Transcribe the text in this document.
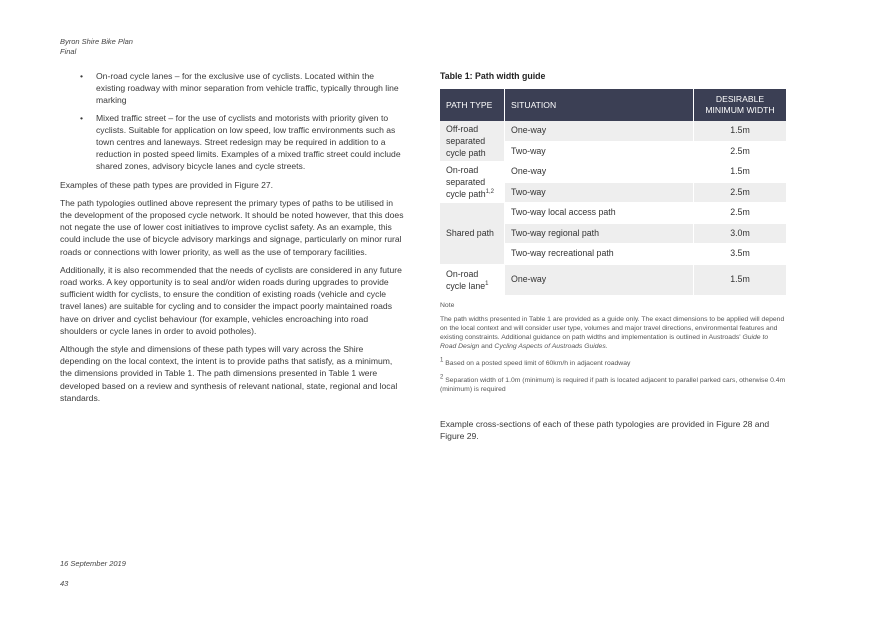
Byron Shire Bike Plan
Final
• On-road cycle lanes – for the exclusive use of cyclists. Located within the existing roadway with minor separation from vehicle traffic, typically through line marking
• Mixed traffic street – for the use of cyclists and motorists with priority given to cyclists. Suitable for application on low speed, low traffic environments such as town centres and laneways. Street redesign may be required in addition to a reduction in posted speed limits. Examples of a mixed traffic street could include shared zones, advisory bicycle lanes and cycle streets.

Examples of these path types are provided in Figure 27.

The path typologies outlined above represent the primary types of paths to be utilised in the development of the proposed cycle network. It should be noted however, that this does not negate the use of lower cost initiatives to improve cyclist safety. As an example, this could include the use of bicycle advisory markings and signage, particularly on minor rural roads or connections with lower priority, as well as the use of temporary facilities.

Additionally, it is also recommended that the needs of cyclists are considered in any future road works. A key opportunity is to seal and/or widen roads during upgrades to provide sufficient width for cyclists, to ensure the condition of existing roads (vehicle and cycle travel lanes) are suitable for cycling and to consider the impact poorly maintained roads have on driver and cyclist behaviour (for example, vehicles encroaching into road shoulders or cycle lanes in order to avoid potholes).

Although the style and dimensions of these path types will vary across the Shire depending on the local context, the intent is to provide paths that satisfy, as a minimum, the dimensions provided in Table 1. The path dimensions presented in Table 1 were developed based on a review and synthesis of relevant national, state, regional and local standards.

Table 1: Path width guide
PATH TYPE	SITUATION	DESIRABLE MINIMUM WIDTH
Off-road separated cycle path	One-way	1.5m
	Two-way	2.5m
On-road separated cycle path$^{1,2}$	One-way	1.5m
	Two-way	2.5m
Shared path	Two-way local access path	2.5m
	Two-way regional path	3.0m
	Two-way recreational path	3.5m
On-road cycle lane$^1$	One-way	1.5m
Note
The path widths presented in Table 1 are provided as a guide only. The exact dimensions to be applied will depend on the local context and will consider user type, volumes and major travel directions, environmental features and existing constraints. Additional guidance on path widths and implementation is outlined in Austroads' Guide to Road Design and Cycling Aspects of Austroads Guides.
$^1$ Based on a posted speed limit of 60km/h in adjacent roadway
$^2$ Separation width of 1.0m (minimum) is required if path is located adjacent to parallel parked cars, otherwise 0.4m (minimum) is required
Example cross-sections of each of these path typologies are provided in Figure 28 and Figure 29.
16 September 2019
43
